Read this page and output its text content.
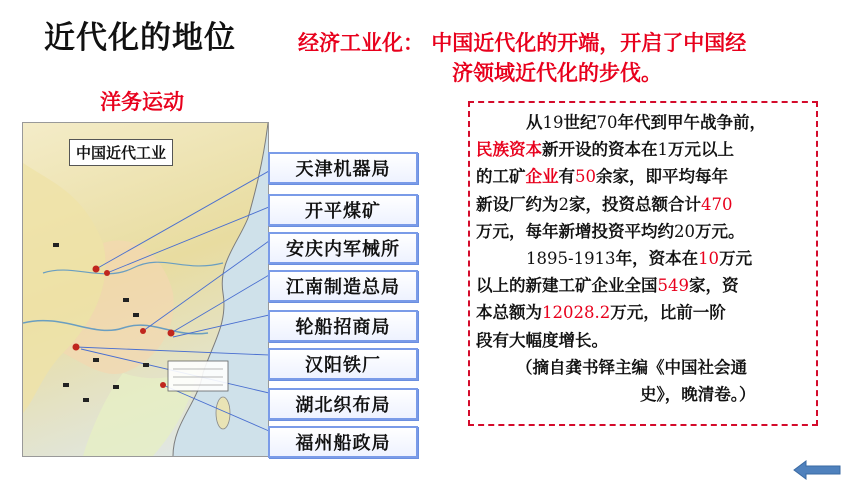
近代化的地位	经济工业化： 中国近代化的开端，开启了中国经
济领域近代化的步伐。
洋务运动
中国近代工业
天津机器局
开平煤矿
安庆内军械所
江南制造总局
轮船招商局
汉阳铁厂
湖北织布局
福州船政局

从19世纪70年代到甲午战争前，

民族资本新开设的资本在1万元以上

的工矿企业有50余家，即平均每年

新设厂约为2家，投资总额合计470

万元，每年新增投资平均约20万元。

1895-1913年，资本在10万元

以上的新建工矿企业全国549家，资

本总额为12028.2万元，比前一阶

段有大幅度增长。

（摘自龚书铎主编《中国社会通

史》，晚清卷。）
